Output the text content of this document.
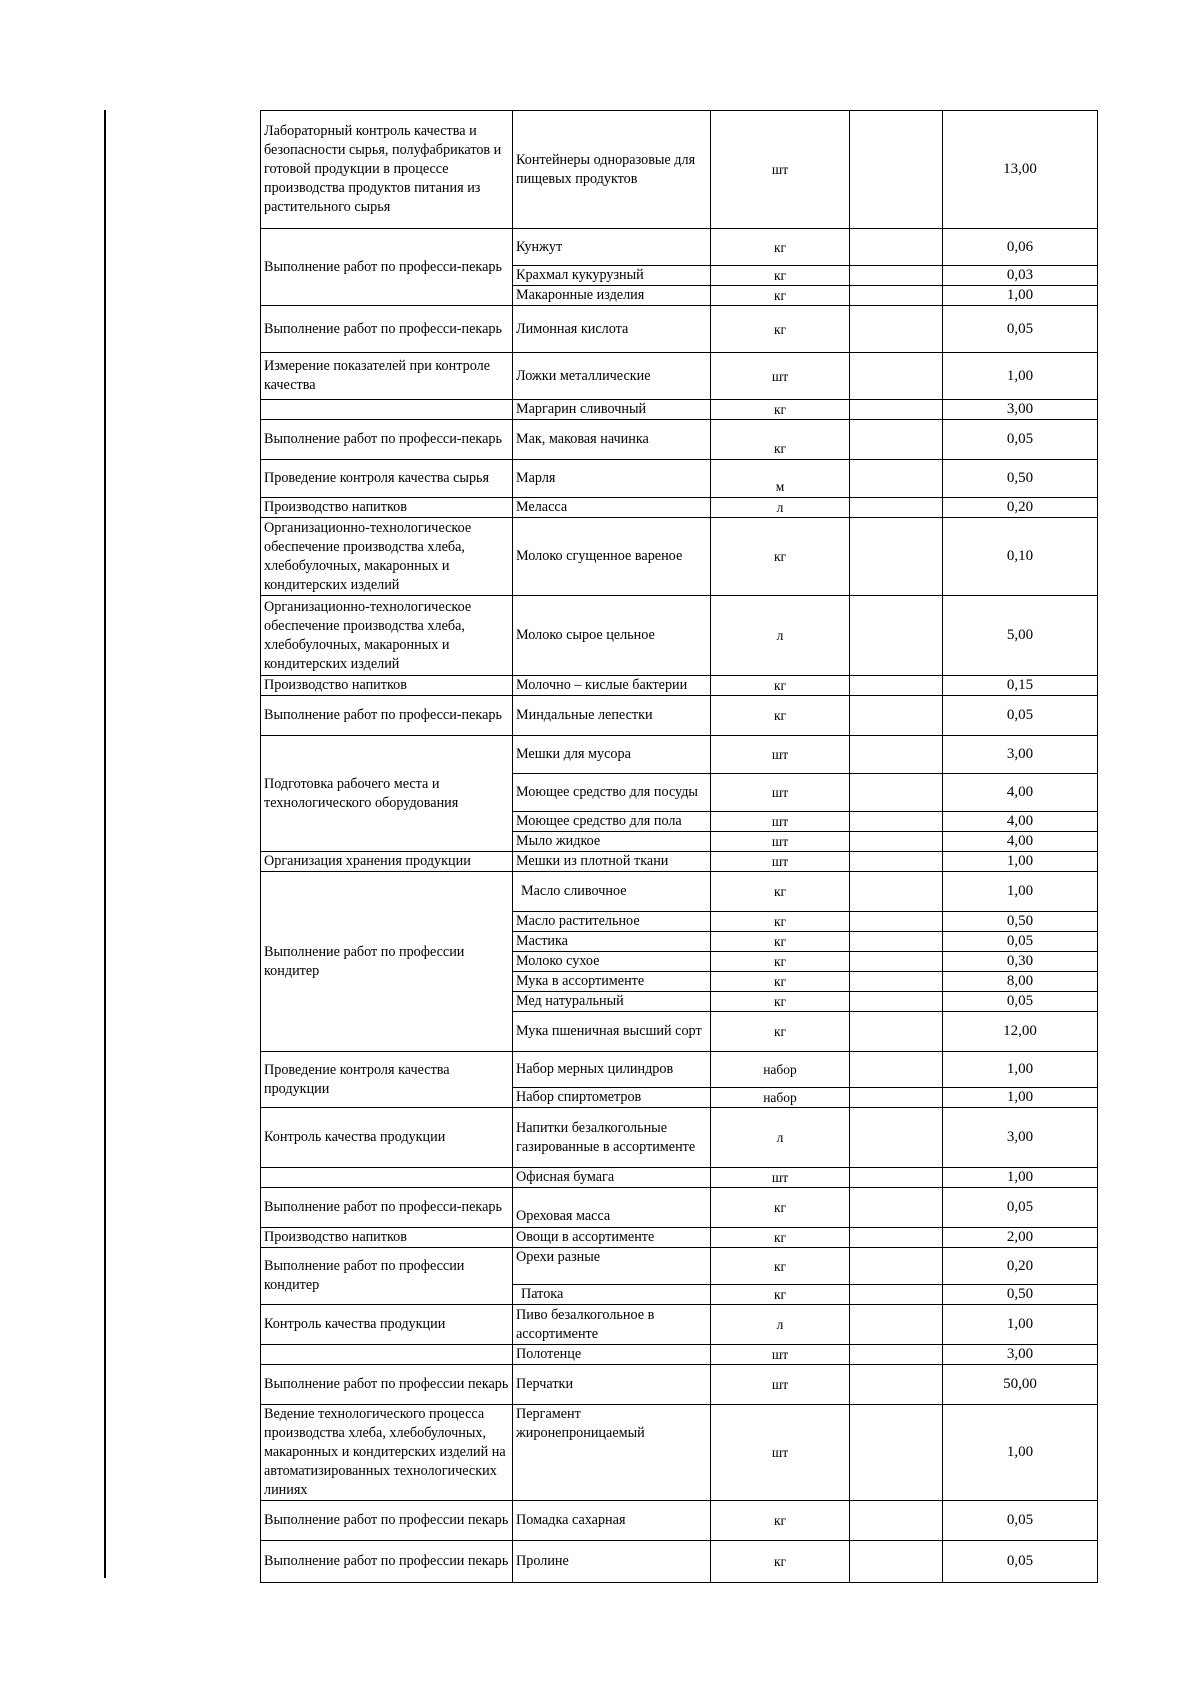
Лабораторный контроль качества и безопасности сырья, полуфабрикатов и готовой продукции в процессе производства продуктов питания из растительного сырья	Контейнеры одноразовые для пищевых продуктов	шт		13,00
Выполнение работ по професси-пекарь	Кунжут	кг		0,06
	Крахмал кукурузный	кг		0,03
	Макаронные изделия	кг		1,00
Выполнение работ по професси-пекарь	Лимонная кислота	кг		0,05
Измерение показателей при контроле качества	Ложки металлические	шт		1,00
	Маргарин сливочный	кг		3,00
Выполнение работ по професси-пекарь	Мак, маковая начинка	кг		0,05
Проведение контроля качества сырья	Марля	м		0,50
Производство напитков	Меласса	л		0,20
Организационно-технологическое обеспечение производства хлеба, хлебобулочных, макаронных и кондитерских изделий	Молоко сгущенное вареное	кг		0,10
Организационно-технологическое обеспечение производства хлеба, хлебобулочных, макаронных и кондитерских изделий	Молоко сырое цельное	л		5,00
Производство напитков	Молочно – кислые бактерии	кг		0,15
Выполнение работ по професси-пекарь	Миндальные лепестки	кг		0,05
Подготовка рабочего места и технологического оборудования	Мешки для мусора	шт		3,00
	Моющее средство для посуды	шт		4,00
	Моющее средство для пола	шт		4,00
	Мыло жидкое	шт		4,00
Организация хранения продукции	Мешки из плотной ткани	шт		1,00
Выполнение работ по профессии кондитер	Масло сливочное	кг		1,00
	Масло растительное	кг		0,50
	Мастика	кг		0,05
	Молоко сухое	кг		0,30
	Мука в ассортименте	кг		8,00
	Мед натуральный	кг		0,05
	Мука пшеничная высший сорт	кг		12,00
Проведение контроля качества продукции	Набор мерных цилиндров	набор		1,00
	Набор спиртометров	набор		1,00
Контроль качества продукции	Напитки безалкогольные газированные в ассортименте	л		3,00
	Офисная бумага	шт		1,00
Выполнение работ по професси-пекарь	Ореховая масса	кг		0,05
Производство напитков	Овощи в ассортименте	кг		2,00
Выполнение работ по профессии кондитер	Орехи разные	кг		0,20
	Патока	кг		0,50
Контроль качества продукции	Пиво безалкогольное в ассортименте	л		1,00
	Полотенце	шт		3,00
Выполнение работ по профессии пекарь	Перчатки	шт		50,00
Ведение технологического процесса производства хлеба, хлебобулочных, макаронных и кондитерских изделий на автоматизированных технологических линиях	Пергамент жиронепроницаемый	шт		1,00
Выполнение работ по профессии пекарь	Помадка сахарная	кг		0,05
Выполнение работ по профессии пекарь	Пролине	кг		0,05
